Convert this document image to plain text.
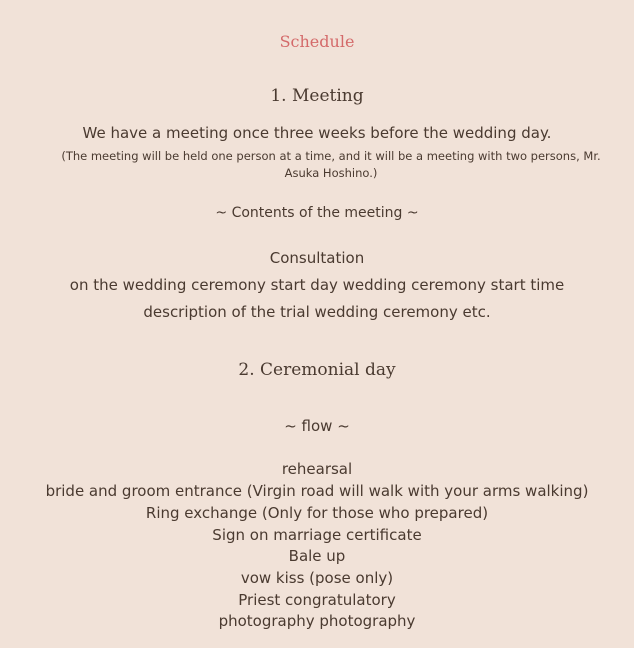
Schedule
1. Meeting
We have a meeting once three weeks before the wedding day.
(The meeting will be held one person at a time, and it will be a meeting with two persons, Mr. Asuka Hoshino.)
~ Contents of the meeting ~
Consultation
on the wedding ceremony start day wedding ceremony start time
description of the trial wedding ceremony etc.
2. Ceremonial day
~ flow ~
rehearsal
bride and groom entrance (Virgin road will walk with your arms walking)
Ring exchange (Only for those who prepared)
Sign on marriage certificate
Bale up
vow kiss (pose only)
Priest congratulatory
photography photography
